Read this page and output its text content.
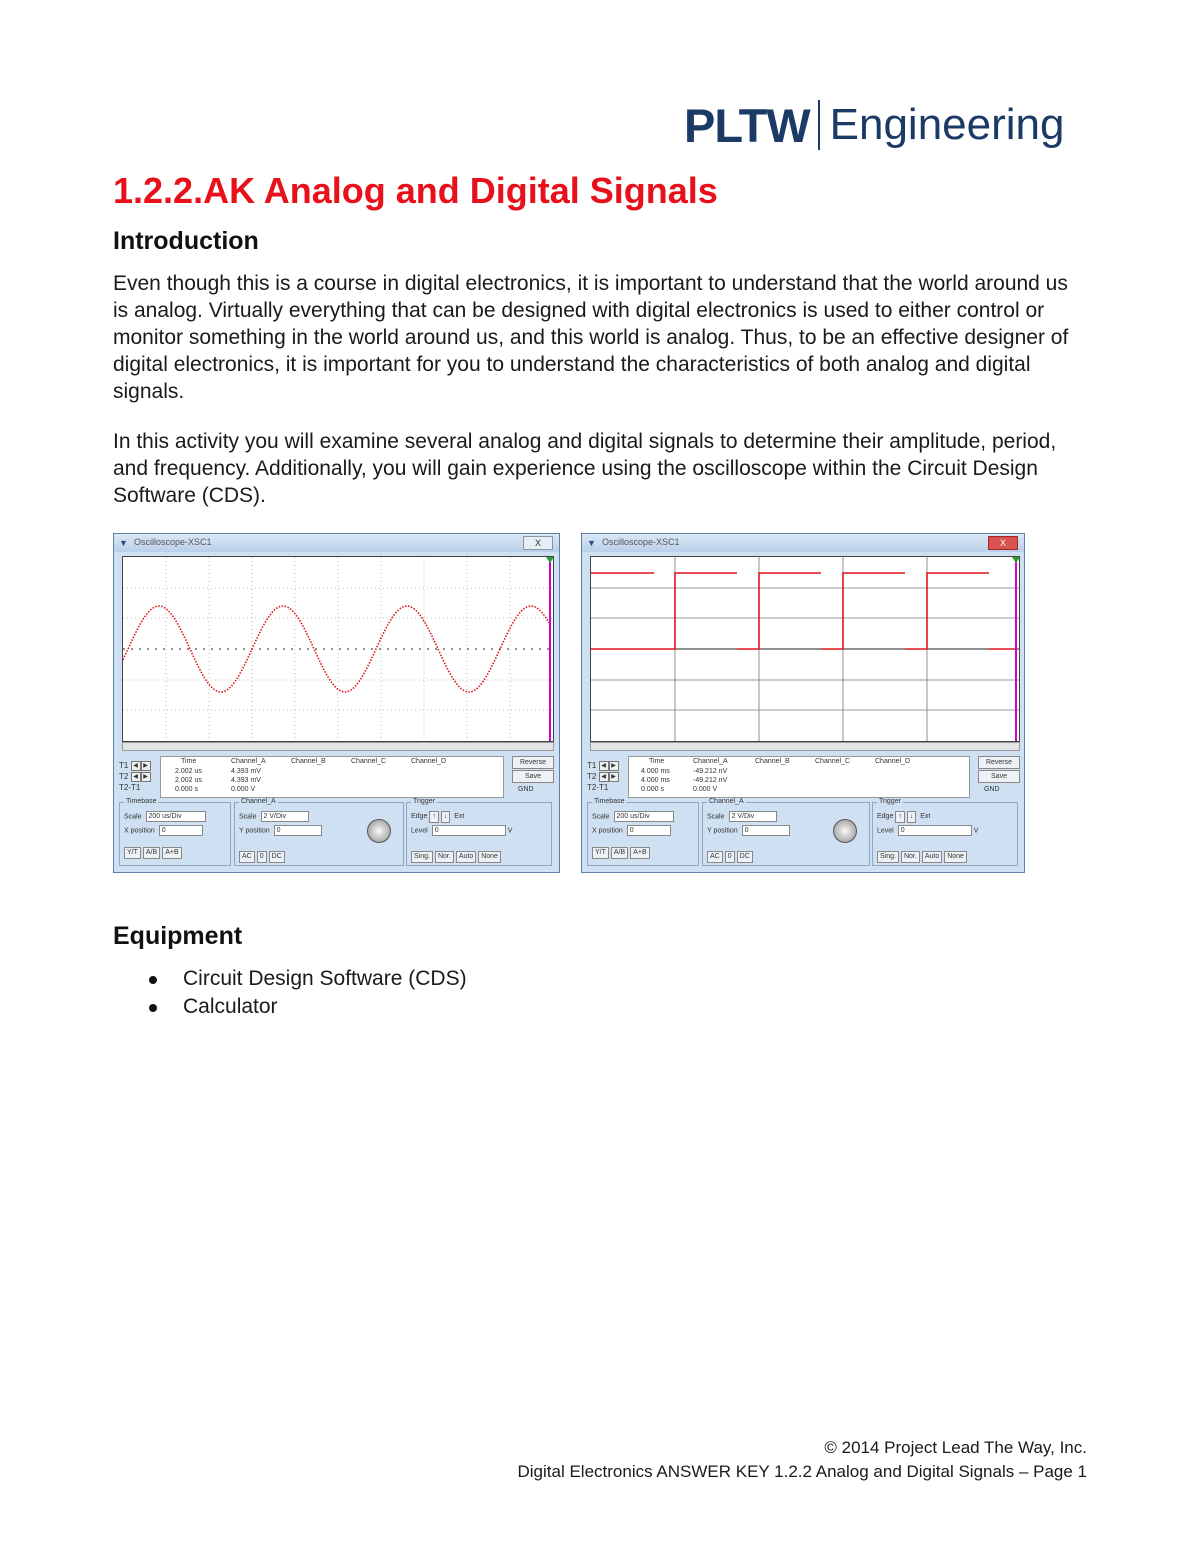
PLTW Engineering
1.2.2.AK Analog and Digital Signals
Introduction

Even though this is a course in digital electronics, it is important to understand that the world around us is analog. Virtually everything that can be designed with digital electronics is used to either control or monitor something in the world around us, and this world is analog. Thus, to be an effective designer of digital electronics, it is important for you to understand the characteristics of both analog and digital signals.

In this activity you will examine several analog and digital signals to determine their amplitude, period, and frequency. Additionally, you will gain experience using the oscilloscope within the Circuit Design Software (CDS).

▼ Oscilloscope-XSC1	X
T1 ◀ ▶
T2 ◀ ▶
T2-T1
Time	Channel_A	Channel_B	Channel_C	Channel_D
2.002 us	4.393 mV
2.002 us	4.393 mV
0.000 s	0.000 V
Reverse
Save
GND
Timebase
Scale 200 us/Div
X position 0
Y/T A/B A+B
Channel_A
Scale 2 V/Div
Y position 0
AC 0 DC
Trigger
Edge ↑ ↓ Ext
Level 0	V
Sing. Nor. Auto None
▼ Oscilloscope-XSC1	X
T1 ◀ ▶
T2 ◀ ▶
T2-T1
Time	Channel_A	Channel_B	Channel_C	Channel_D
4.000 ms	-49.212 nV
4.000 ms	-49.212 nV
0.000 s	0.000 V
Reverse
Save
GND
Timebase
Scale 200 us/Div
X position 0
Y/T A/B A+B
Channel_A
Scale 2 V/Div
Y position 0
AC 0 DC
Trigger
Edge ↑ ↓ Ext
Level 0	V
Sing. Nor. Auto None
Equipment
Circuit Design Software (CDS)
Calculator
© 2014 Project Lead The Way, Inc.
Digital Electronics ANSWER KEY 1.2.2 Analog and Digital Signals – Page 1
